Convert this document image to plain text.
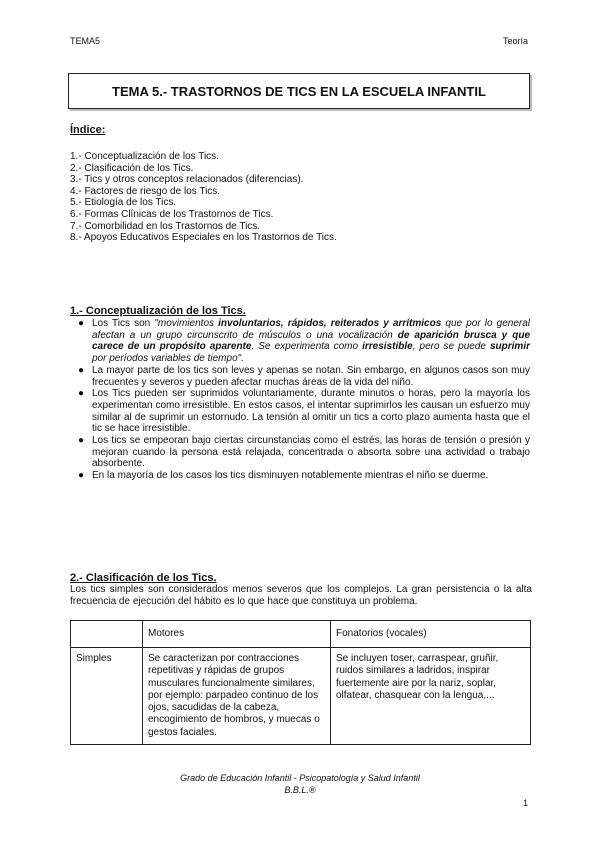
TEMA5	Teoría
TEMA 5.- TRASTORNOS DE TICS EN LA ESCUELA INFANTIL
Índice:
1.- Conceptualización de los Tics.
2.- Clasificación de los Tics.
3.- Tics y otros conceptos relacionados (diferencias).
4.- Factores de riesgo de los Tics.
5.- Etiología de los Tics.
6.- Formas Clínicas de los Trastornos de Tics.
7.- Comorbilidad en los Trastornos de Tics.
8.- Apoyos Educativos Especiales en los Trastornos de Tics.
1.- Conceptualización de los Tics.
● Los Tics son "movimientos involuntarios, rápidos, reiterados y arrítmicos que por lo general afectan a un grupo circunscrito de músculos o una vocalización de aparición brusca y que carece de un propósito aparente. Se experimenta como irresistible, pero se puede suprimir por períodos variables de tiempo".
● La mayor parte de los tics son leves y apenas se notan. Sin embargo, en algunos casos son muy frecuentes y severos y pueden afectar muchas áreas de la vida del niño.
● Los Tics pueden ser suprimidos voluntariamente, durante minutos o horas, pero la mayoría los experimentan como irresistible. En estos casos, el intentar suprimirlos les causan un esfuerzo muy similar al de suprimir un estornudo. La tensión al omitir un tics a corto plazo aumenta hasta que el tic se hace irresistible.
● Los tics se empeoran bajo ciertas circunstancias como el estrés, las horas de tensión o presión y mejoran cuando la persona está relajada, concentrada o absorta sobre una actividad o trabajo absorbente.
● En la mayoría de los casos los tics disminuyen notablemente mientras el niño se duerme.
2.- Clasificación de los Tics.
Los tics simples son considerados menos severos que los complejos. La gran persistencia o la alta frecuencia de ejecución del hábito es lo que hace que constituya un problema.
	Motores	Fonatorios (vocales)
Simples	Se caracterizan por contracciones repetitivas y rápidas de grupos musculares funcionalmente similares, por ejemplo: parpadeo continuo de los ojos, sacudidas de la cabeza, encogimiento de hombros, y muecas o gestos faciales.	Se incluyen toser, carraspear, gruñir, ruidos similares a ladridos, inspirar fuertemente aire por la nariz, soplar, olfatear, chasquear con la lengua,...
Grado de Educación Infantil - Psicopatología y Salud Infantil
B.B.L.®
1
